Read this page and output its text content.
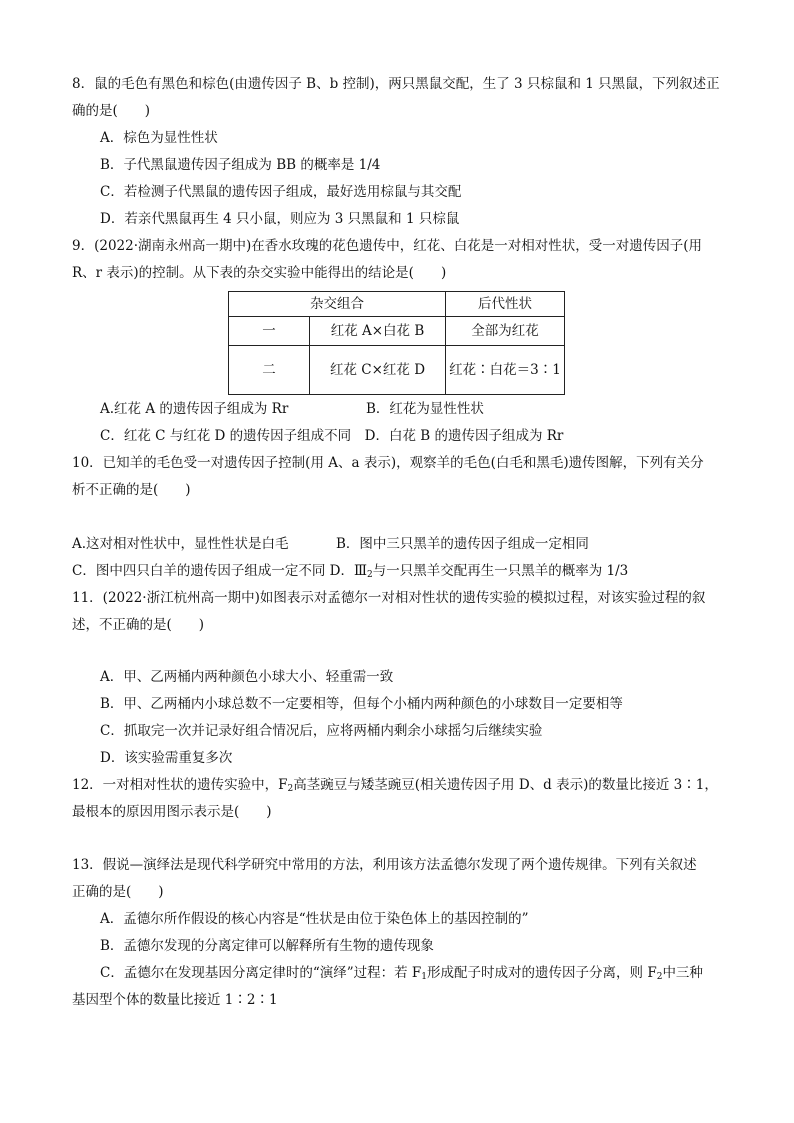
8．鼠的毛色有黑色和棕色(由遗传因子 B、b 控制)，两只黑鼠交配，生了 3 只棕鼠和 1 只黑鼠，下列叙述正
确的是(　　)
A．棕色为显性性状
B．子代黑鼠遗传因子组成为 BB 的概率是 1/4
C．若检测子代黑鼠的遗传因子组成，最好选用棕鼠与其交配
D．若亲代黑鼠再生 4 只小鼠，则应为 3 只黑鼠和 1 只棕鼠
9．(2022·湖南永州高一期中)在香水玫瑰的花色遗传中，红花、白花是一对相对性状，受一对遗传因子(用
R、r 表示)的控制。从下表的杂交实验中能得出的结论是(　　)
杂交组合		后代性状
一	红花 A×白花 B	全部为红花
二	红花 C×红花 D	红花∶白花＝3∶1
A.红花 A 的遗传因子组成为 Rr	B．红花为显性性状
C．红花 C 与红花 D 的遗传因子组成不同　D．白花 B 的遗传因子组成为 Rr
10．已知羊的毛色受一对遗传因子控制(用 A、a 表示)，观察羊的毛色(白毛和黑毛)遗传图解，下列有关分
析不正确的是(　　)
A.这对相对性状中，显性性状是白毛	B．图中三只黑羊的遗传因子组成一定相同
C．图中四只白羊的遗传因子组成一定不同 D．$Ⅲ_2$与一只黑羊交配再生一只黑羊的概率为 1/3
11．(2022·浙江杭州高一期中)如图表示对孟德尔一对相对性状的遗传实验的模拟过程，对该实验过程的叙
述，不正确的是(　　)
A．甲、乙两桶内两种颜色小球大小、轻重需一致
B．甲、乙两桶内小球总数不一定要相等，但每个小桶内两种颜色的小球数目一定要相等
C．抓取完一次并记录好组合情况后，应将两桶内剩余小球摇匀后继续实验
D．该实验需重复多次
12．一对相对性状的遗传实验中，$F_2$高茎豌豆与矮茎豌豆(相关遗传因子用 D、d 表示)的数量比接近 3∶1，
最根本的原因用图示表示是(　　)
13．假说—演绎法是现代科学研究中常用的方法，利用该方法孟德尔发现了两个遗传规律。下列有关叙述
正确的是(　　)
A．孟德尔所作假设的核心内容是“性状是由位于染色体上的基因控制的”
B．孟德尔发现的分离定律可以解释所有生物的遗传现象
C．孟德尔在发现基因分离定律时的“演绎”过程：若 $F_1$形成配子时成对的遗传因子分离，则 $F_2$中三种
基因型个体的数量比接近 1∶2∶1
